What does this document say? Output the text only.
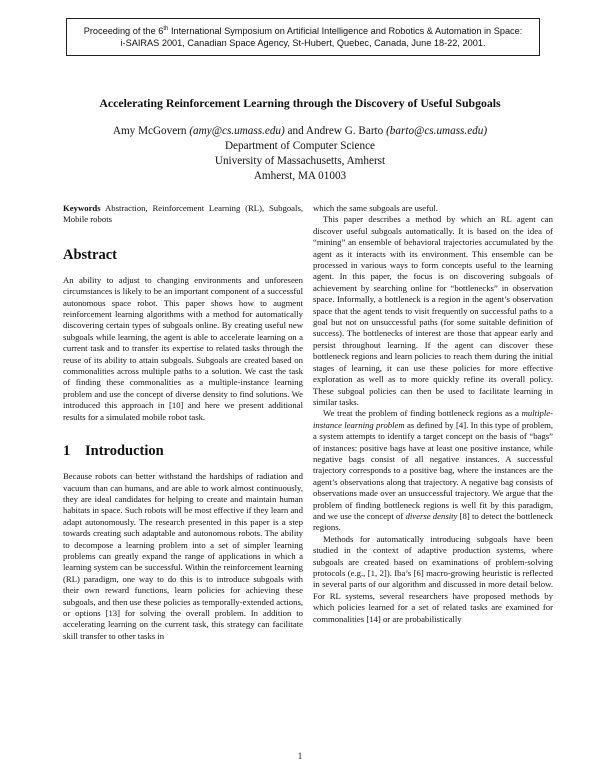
Proceeding of the 6th International Symposium on Artificial Intelligence and Robotics & Automation in Space:
i-SAIRAS 2001, Canadian Space Agency, St-Hubert, Quebec, Canada, June 18-22, 2001.
Accelerating Reinforcement Learning through the Discovery of Useful Subgoals
Amy McGovern (amy@cs.umass.edu) and Andrew G. Barto (barto@cs.umass.edu)
Department of Computer Science
University of Massachusetts, Amherst
Amherst, MA 01003

Keywords Abstraction, Reinforcement Learning (RL), Subgoals, Mobile robots

Abstract

An ability to adjust to changing environments and unforeseen circumstances is likely to be an important component of a successful autonomous space robot. This paper shows how to augment reinforcement learning algorithms with a method for automatically discovering certain types of subgoals online. By creating useful new subgoals while learning, the agent is able to accelerate learning on a current task and to transfer its expertise to related tasks through the reuse of its ability to attain subgoals. Subgoals are created based on commonalities across multiple paths to a solution. We cast the task of finding these commonalities as a multiple-instance learning problem and use the concept of diverse density to find solutions. We introduced this approach in [10] and here we present additional results for a simulated mobile robot task.

1 Introduction

Because robots can better withstand the hardships of radiation and vacuum than can humans, and are able to work almost continuously, they are ideal candidates for helping to create and maintain human habitats in space. Such robots will be most effective if they learn and adapt autonomously. The research presented in this paper is a step towards creating such adaptable and autonomous robots. The ability to decompose a learning problem into a set of simpler learning problems can greatly expand the range of applications in which a learning system can be successful. Within the reinforcement learning (RL) paradigm, one way to do this is to introduce subgoals with their own reward functions, learn policies for achieving these subgoals, and then use these policies as temporally-extended actions, or options [13] for solving the overall problem. In addition to accelerating learning on the current task, this strategy can facilitate skill transfer to other tasks in

which the same subgoals are useful.

This paper describes a method by which an RL agent can discover useful subgoals automatically. It is based on the idea of “mining” an ensemble of behavioral trajectories accumulated by the agent as it interacts with its environment. This ensemble can be processed in various ways to form concepts useful to the learning agent. In this paper, the focus is on discovering subgoals of achievement by searching online for “bottlenecks” in observation space. Informally, a bottleneck is a region in the agent’s observation space that the agent tends to visit frequently on successful paths to a goal but not on unsuccessful paths (for some suitable definition of success). The bottlenecks of interest are those that appear early and persist throughout learning. If the agent can discover these bottleneck regions and learn policies to reach them during the initial stages of learning, it can use these policies for more effective exploration as well as to more quickly refine its overall policy. These subgoal policies can then be used to facilitate learning in similar tasks.

We treat the problem of finding bottleneck regions as a multiple-instance learning problem as defined by [4]. In this type of problem, a system attempts to identify a target concept on the basis of “bags” of instances: positive bags have at least one positive instance, while negative bags consist of all negative instances. A successful trajectory corresponds to a positive bag, where the instances are the agent’s observations along that trajectory. A negative bag consists of observations made over an unsuccessful trajectory. We argue that the problem of finding bottleneck regions is well fit by this paradigm, and we use the concept of diverse density [8] to detect the bottleneck regions.

Methods for automatically introducing subgoals have been studied in the context of adaptive production systems, where subgoals are created based on examinations of problem-solving protocols (e.g., [1, 2]). Iba’s [6] macro-growing heuristic is reflected in several parts of our algorithm and discussed in more detail below. For RL systems, several researchers have proposed methods by which policies learned for a set of related tasks are examined for commonalities [14] or are probabilistically

1
